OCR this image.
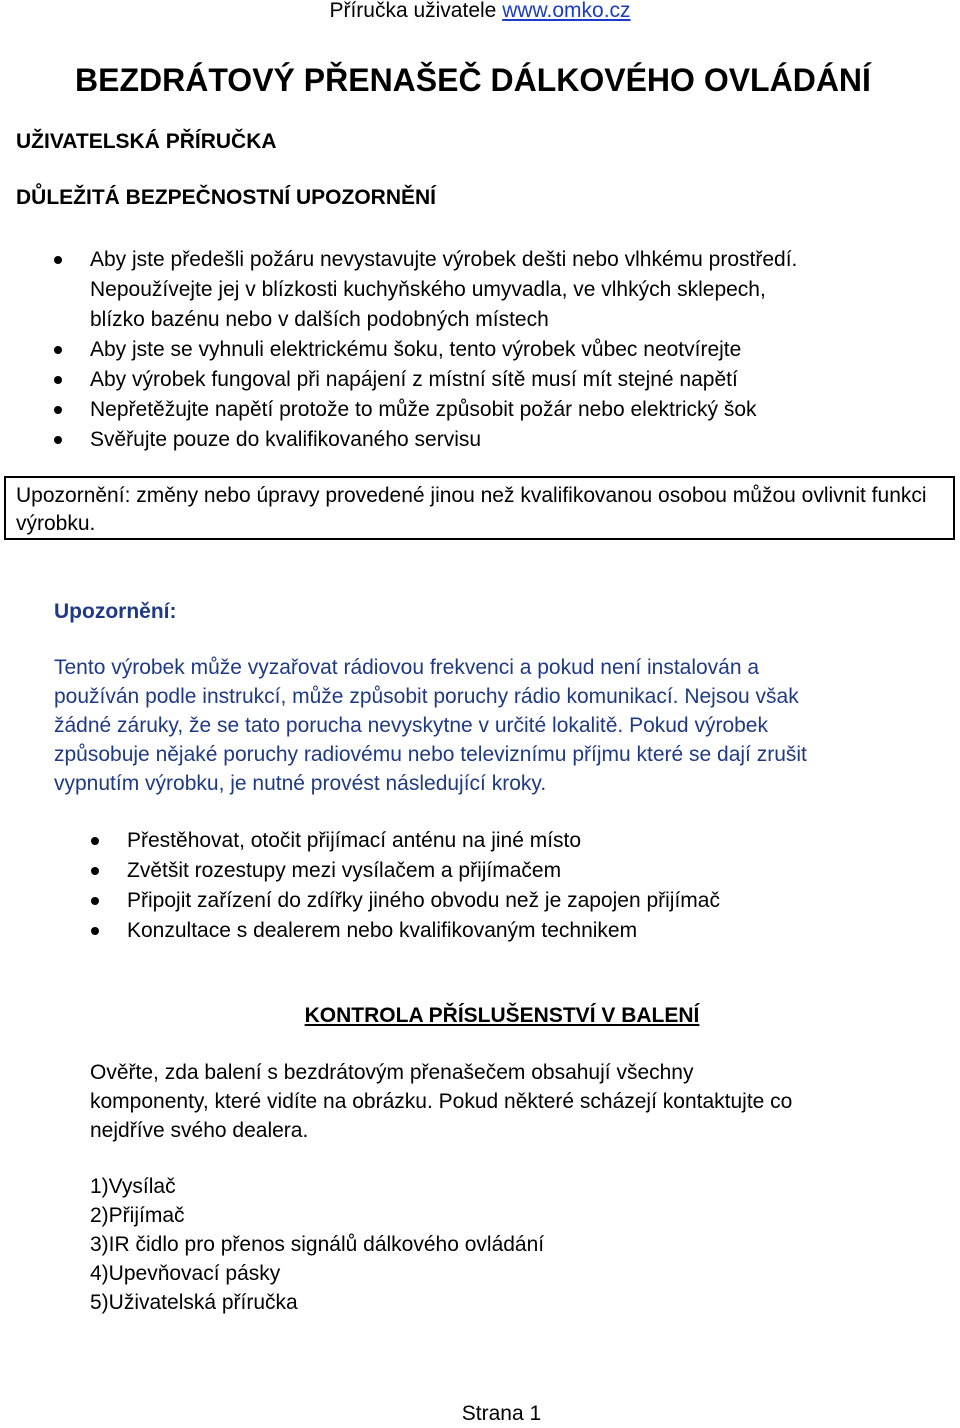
Příručka uživatele www.omko.cz
BEZDRÁTOVÝ PŘENAŠEČ DÁLKOVÉHO OVLÁDÁNÍ
UŽIVATELSKÁ PŘÍRUČKA
DŮLEŽITÁ BEZPEČNOSTNÍ UPOZORNĚNÍ
Aby jste předešli požáru nevystavujte výrobek dešti nebo vlhkému prostředí.
Nepoužívejte jej v blízkosti kuchyňského umyvadla, ve vlhkých sklepech,
blízko bazénu nebo v dalších podobných místech
Aby jste se vyhnuli elektrickému šoku, tento výrobek vůbec neotvírejte
Aby výrobek fungoval při napájení z místní sítě musí mít stejné napětí
Nepřetěžujte napětí protože to může způsobit požár nebo elektrický šok
Svěřujte pouze do kvalifikovaného servisu
Upozornění: změny nebo úpravy provedené jinou než kvalifikovanou osobou můžou ovlivnit funkci výrobku.
Upozornění:
Tento výrobek může vyzařovat rádiovou frekvenci a pokud není instalován a
používán podle instrukcí, může způsobit poruchy rádio komunikací. Nejsou však
žádné záruky, že se tato porucha nevyskytne v určité lokalitě. Pokud výrobek
způsobuje nějaké poruchy radiovému nebo televiznímu příjmu které se dají zrušit
vypnutím výrobku, je nutné provést následující kroky.
Přestěhovat, otočit přijímací anténu na jiné místo
Zvětšit rozestupy mezi vysílačem a přijímačem
Připojit zařízení do zdířky jiného obvodu než je zapojen přijímač
Konzultace s dealerem nebo kvalifikovaným technikem
KONTROLA PŘÍSLUŠENSTVÍ V BALENÍ
Ověřte, zda balení s bezdrátovým přenašečem obsahují všechny
komponenty, které vidíte na obrázku. Pokud některé scházejí kontaktujte co
nejdříve svého dealera.
1)Vysílač
2)Přijímač
3)IR čidlo pro přenos signálů dálkového ovládání
4)Upevňovací pásky
5)Uživatelská příručka
Strana 1
